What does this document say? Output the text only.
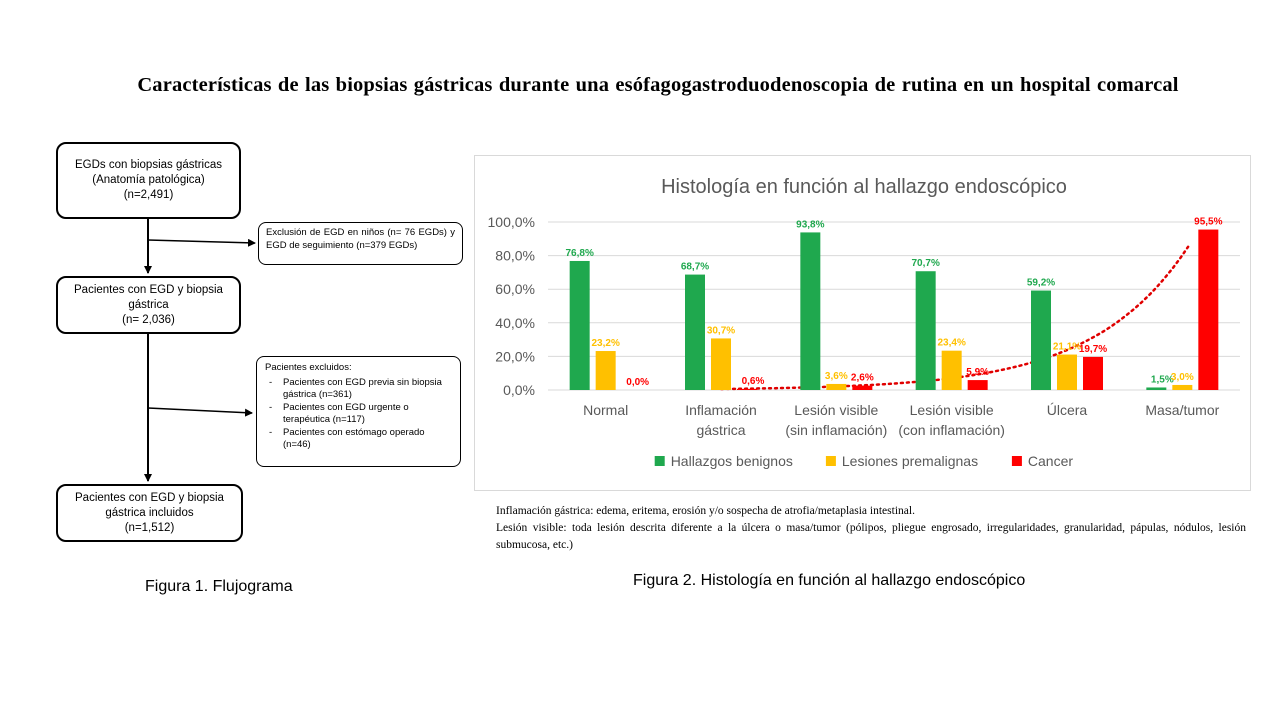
Características de las biopsias gástricas durante una esófagogastroduodenoscopia de rutina en un hospital comarcal
EGDs con biopsias gástricas
(Anatomía patológica)
(n=2,491)
Exclusión de EGD en niños (n= 76 EGDs) y EGD de seguimiento (n=379 EGDs)
Pacientes con EGD y biopsia
gástrica
(n= 2,036)
Pacientes excluidos:
- Pacientes con EGD previa sin biopsia gástrica (n=361)
- Pacientes con EGD urgente o terapéutica (n=117)
- Pacientes con estómago operado (n=46)
Pacientes con EGD y biopsia
gástrica incluidos
(n=1,512)
Figura 1. Flujograma
Histología en función al hallazgo endoscópico
76,8%
68,7%
93,8%
70,7%
59,2%
1,5%
23,2%
30,7%
3,6%
23,4%	21,1%
3,0%
0,0%	0,6%	2,6%
5,9%
19,7%
95,5%
0,0%
20,0%
40,0%
60,0%
80,0%
100,0%
Normal	Inflamación
gástrica
Lesión visible
(sin inflamación)
Lesión visible
(con inflamación)
Úlcera	Masa/tumor
Hallazgos benignos	Lesiones premalignas	Cancer

Inflamación gástrica: edema, eritema, erosión y/o sospecha de atrofia/metaplasia intestinal.

Lesión visible: toda lesión descrita diferente a la úlcera o masa/tumor (pólipos, pliegue engrosado, irregularidades, granularidad, pápulas, nódulos, lesión submucosa, etc.)

Figura 2. Histología en función al hallazgo endoscópico
